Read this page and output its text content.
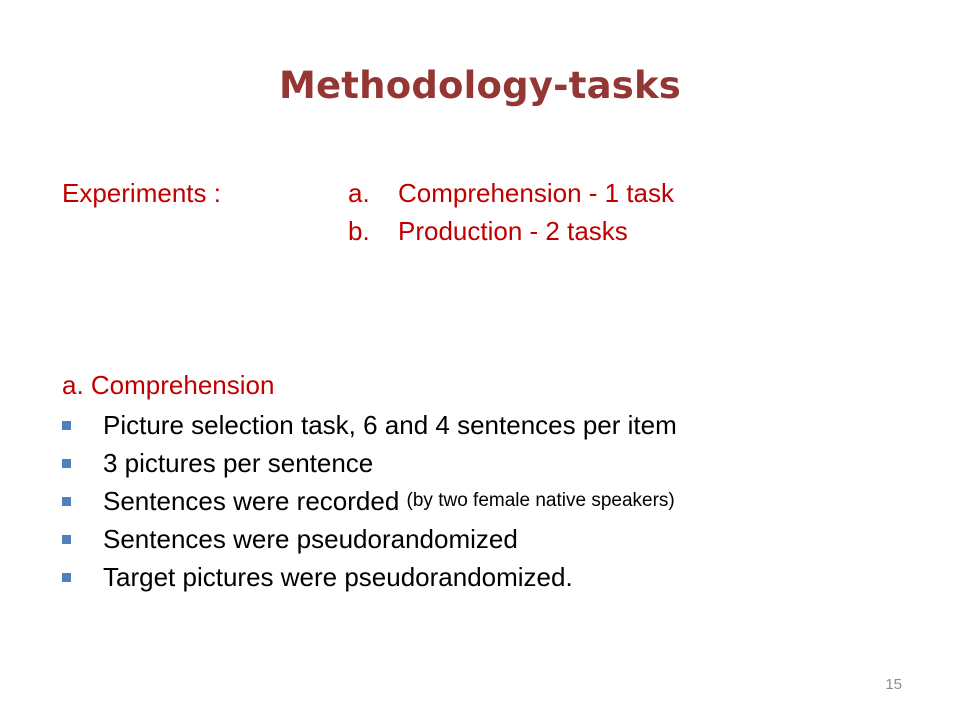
Methodology-tasks
Experiments :	a. Comprehension - 1 task
b. Production - 2 tasks
a. Comprehension
Picture selection task, 6 and 4 sentences per item
3 pictures per sentence
Sentences were recorded (by two female native speakers)
Sentences were pseudorandomized
Target pictures were pseudorandomized.
15
